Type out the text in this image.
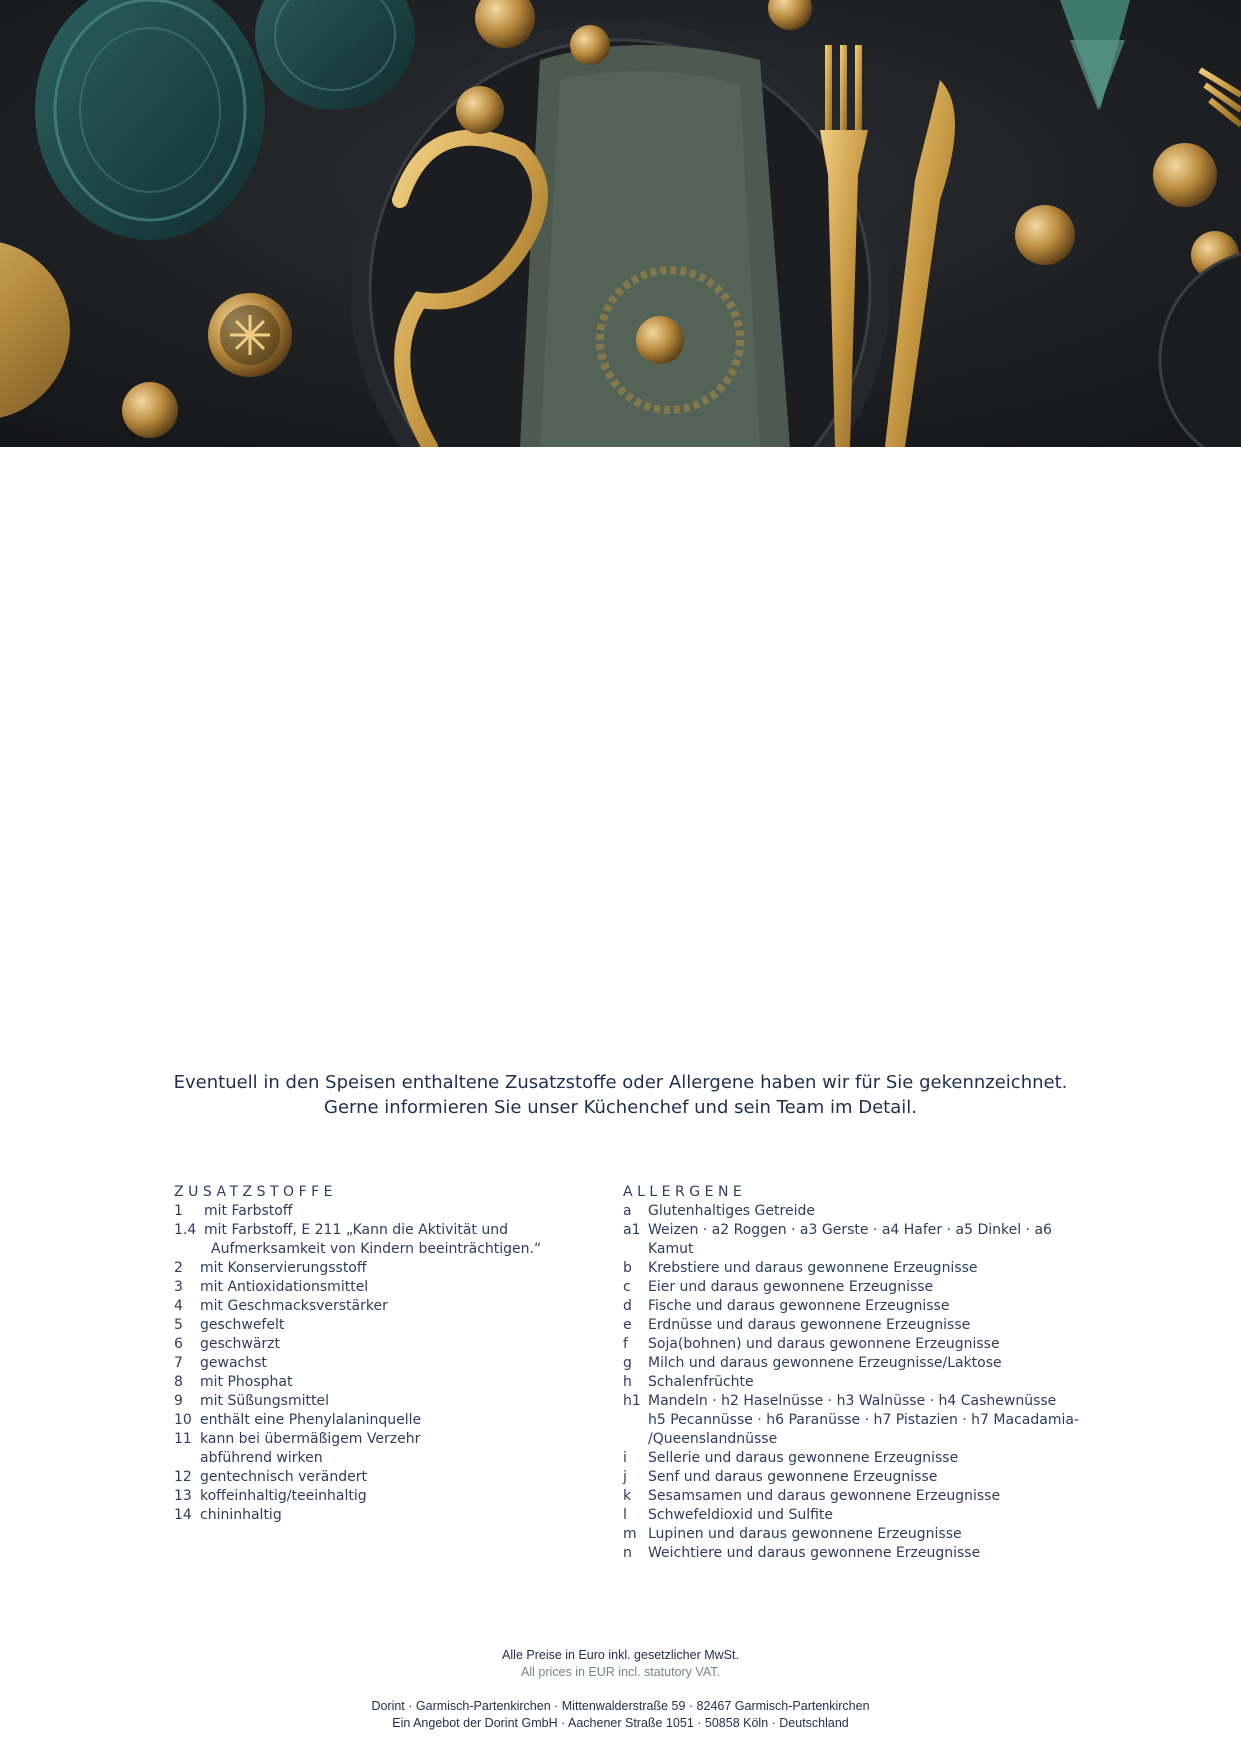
Eventuell in den Speisen enthaltene Zusatzstoffe oder Allergene haben wir für Sie gekennzeichnet.
Gerne informieren Sie unser Küchenchef und sein Team im Detail.
ZUSATZSTOFFE
1	mit Farbstoff
1.4 mit Farbstoff, E 211 „Kann die Aktivität und
Aufmerksamkeit von Kindern beeinträchtigen.“
2	mit Konservierungsstoff
3	mit Antioxidationsmittel
4	mit Geschmacksverstärker
5	geschwefelt
6	geschwärzt
7	gewachst
8	mit Phosphat
9	mit Süßungsmittel
10 enthält eine Phenylalaninquelle
11 kann bei übermäßigem Verzehr
abführend wirken
12 gentechnisch verändert
13 koffeinhaltig/teeinhaltig
14 chininhaltig
ALLERGENE
a	Glutenhaltiges Getreide
a1 Weizen · a2 Roggen · a3 Gerste · a4 Hafer · a5 Dinkel · a6 Kamut
b	Krebstiere und daraus gewonnene Erzeugnisse
c	Eier und daraus gewonnene Erzeugnisse
d	Fische und daraus gewonnene Erzeugnisse
e	Erdnüsse und daraus gewonnene Erzeugnisse
f	Soja(bohnen) und daraus gewonnene Erzeugnisse
g	Milch und daraus gewonnene Erzeugnisse/Laktose
h	Schalenfrüchte
h1 Mandeln · h2 Haselnüsse · h3 Walnüsse · h4 Cashewnüsse
h5 Pecannüsse · h6 Paranüsse · h7 Pistazien · h7 Macadamia-
/Queenslandnüsse
i	Sellerie und daraus gewonnene Erzeugnisse
j	Senf und daraus gewonnene Erzeugnisse
k	Sesamsamen und daraus gewonnene Erzeugnisse
l	Schwefeldioxid und Sulfite
m Lupinen und daraus gewonnene Erzeugnisse
n	Weichtiere und daraus gewonnene Erzeugnisse
Alle Preise in Euro inkl. gesetzlicher MwSt.
All prices in EUR incl. statutory VAT.
Dorint · Garmisch-Partenkirchen · Mittenwalderstraße 59 · 82467 Garmisch-Partenkirchen
Ein Angebot der Dorint GmbH · Aachener Straße 1051 · 50858 Köln · Deutschland
